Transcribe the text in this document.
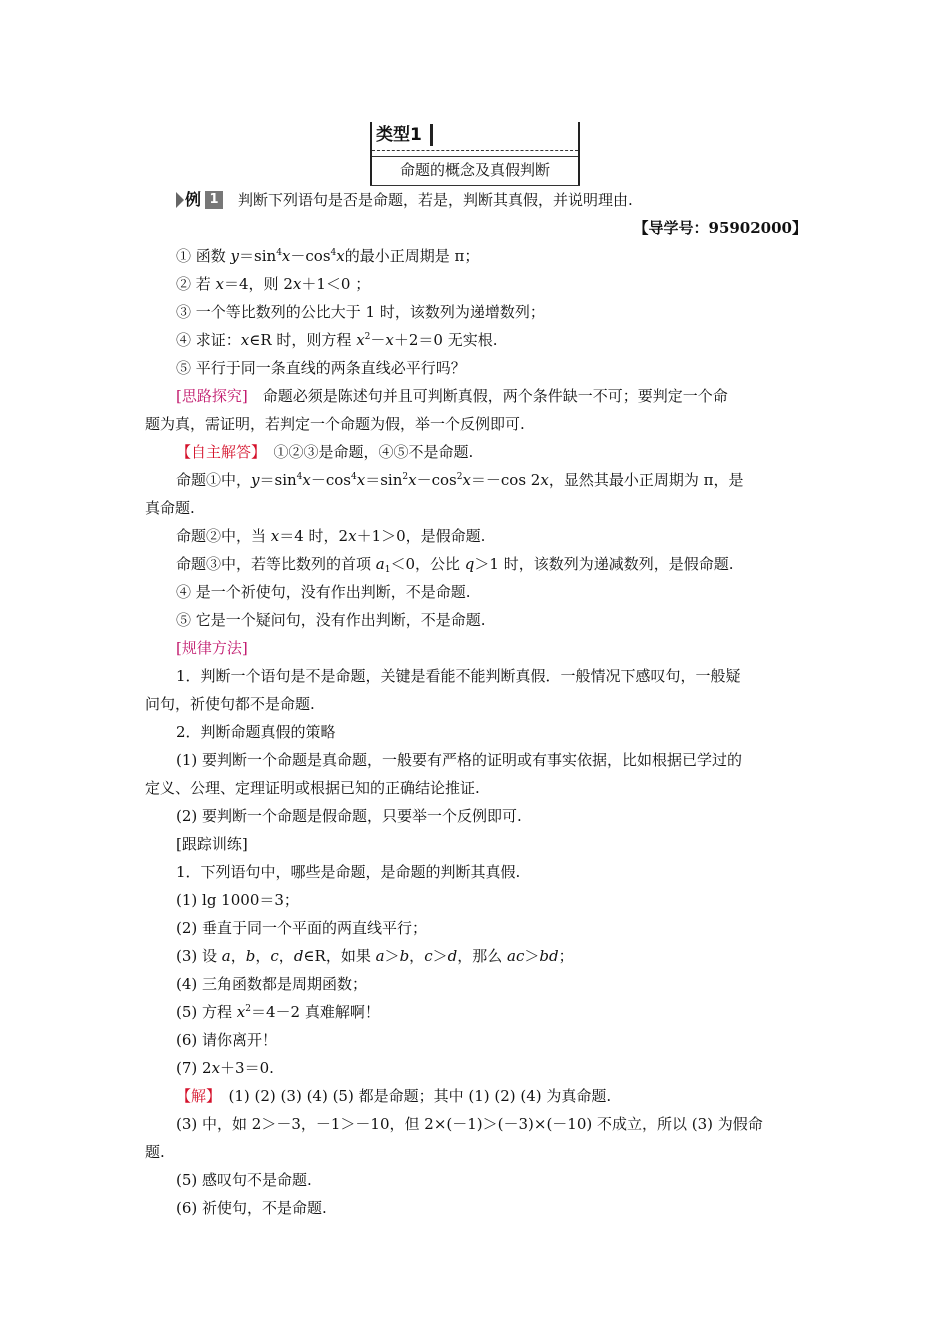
类型1
命题的概念及真假判断
例 1 判断下列语句是否是命题，若是，判断其真假，并说明理由.
【导学号：95902000】
① 函数 $y=\sin^4x-\cos^4x$的最小正周期是 π；
② 若 x＝4，则 2x＋1＜0 ；
③ 一个等比数列的公比大于 1 时，该数列为递增数列；
④ 求证：x∈R 时，则方程 $x^2-x+2=0$ 无实根.
⑤ 平行于同一条直线的两条直线必平行吗？
[思路探究]　命题必须是陈述句并且可判断真假，两个条件缺一不可；要判定一个命
题为真，需证明，若判定一个命题为假，举一个反例即可.
【自主解答】　①②③是命题，④⑤不是命题.
命题①中，$y=\sin^4x-\cos^4x=\sin^2x-\cos^2x=-\cos$ 2x，显然其最小正周期为 π，是
真命题.
命题②中，当 x＝4 时，2x＋1＞0，是假命题.
命题③中，若等比数列的首项 $a_1<0$，公比 q＞1 时，该数列为递减数列，是假命题.
④ 是一个祈使句，没有作出判断，不是命题.
⑤ 它是一个疑问句，没有作出判断，不是命题.
[规律方法]
1．判断一个语句是不是命题，关键是看能不能判断真假．一般情况下感叹句，一般疑
问句，祈使句都不是命题.
2．判断命题真假的策略
(1) 要判断一个命题是真命题，一般要有严格的证明或有事实依据，比如根据已学过的
定义、公理、定理证明或根据已知的正确结论推证.
(2) 要判断一个命题是假命题，只要举一个反例即可.
[跟踪训练]
1．下列语句中，哪些是命题，是命题的判断其真假.
(1) lg 1000＝3；
(2) 垂直于同一个平面的两直线平行；
(3) 设 a，b，c，d∈R，如果 a＞b，c＞d，那么 ac＞bd；
(4) 三角函数都是周期函数；
(5) 方程 $x^2=4-2$ 真难解啊！
(6) 请你离开！
(7) 2x＋3＝0.
【解】　(1) (2) (3) (4) (5) 都是命题；其中 (1) (2) (4) 为真命题.
(3) 中，如 2＞－3，－1＞－10，但 2×(－1)＞(－3)×(－10) 不成立，所以 (3) 为假命
题.
(5) 感叹句不是命题.
(6) 祈使句，不是命题.
